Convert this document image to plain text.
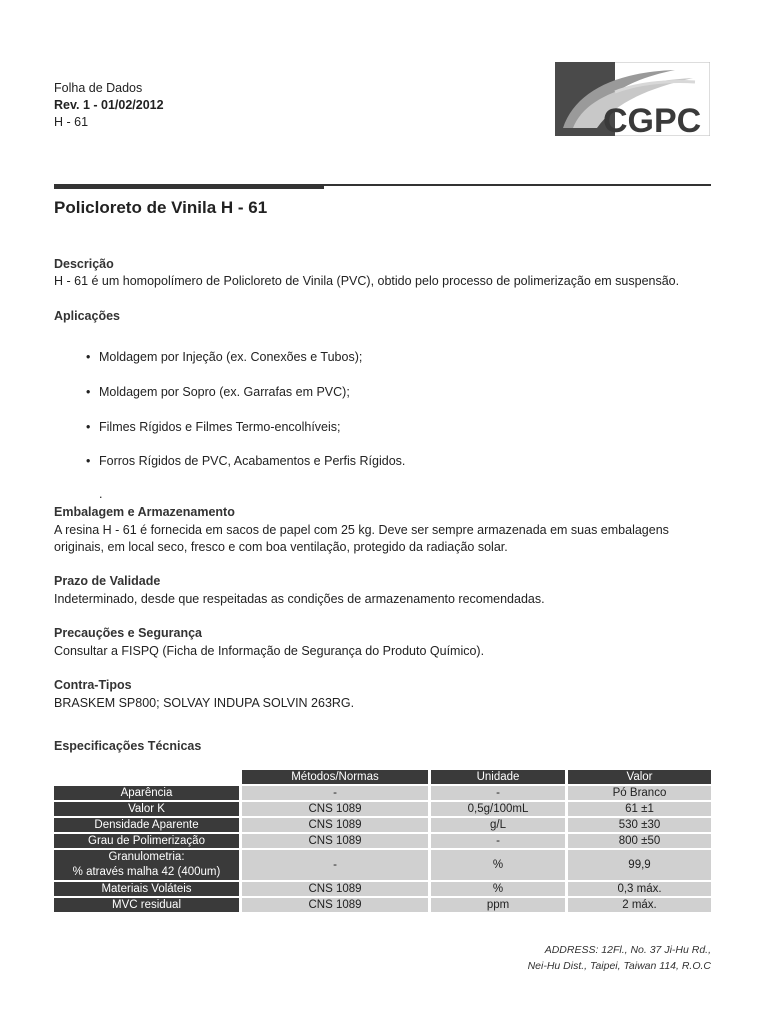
Folha de Dados
Rev. 1 - 01/02/2012
H - 61	CGPC
Policloreto de Vinila H - 61
Descrição
H - 61 é um homopolímero de Policloreto de Vinila (PVC), obtido pelo processo de polimerização em suspensão.
Aplicações
• Moldagem por Injeção (ex. Conexões e Tubos);
• Moldagem por Sopro (ex. Garrafas em PVC);
• Filmes Rígidos e Filmes Termo-encolhíveis;
• Forros Rígidos de PVC, Acabamentos e Perfis Rígidos.
.
Embalagem e Armazenamento
A resina H - 61 é fornecida em sacos de papel com 25 kg. Deve ser sempre armazenada em suas embalagens originais, em local seco, fresco e com boa ventilação, protegido da radiação solar.
Prazo de Validade
Indeterminado, desde que respeitadas as condições de armazenamento recomendadas.
Precauções e Segurança
Consultar a FISPQ (Ficha de Informação de Segurança do Produto Químico).
Contra-Tipos
BRASKEM SP800; SOLVAY INDUPA SOLVIN 263RG.
Especificações Técnicas
	Métodos/Normas	Unidade	Valor
Aparência	-	-	Pó Branco
Valor K	CNS 1089	0,5g/100mL	61 ±1
Densidade Aparente	CNS 1089	g/L	530 ±30
Grau de Polimerização	CNS 1089	-	800 ±50

Granulometria:
% através malha 42 (400um)	-	%	99,9
Materiais Voláteis	CNS 1089	%	0,3 máx.
MVC residual	CNS 1089	ppm	2 máx.
ADDRESS: 12Fl., No. 37 Ji-Hu Rd.,
Nei-Hu Dist., Taipei, Taiwan 114, R.O.C
